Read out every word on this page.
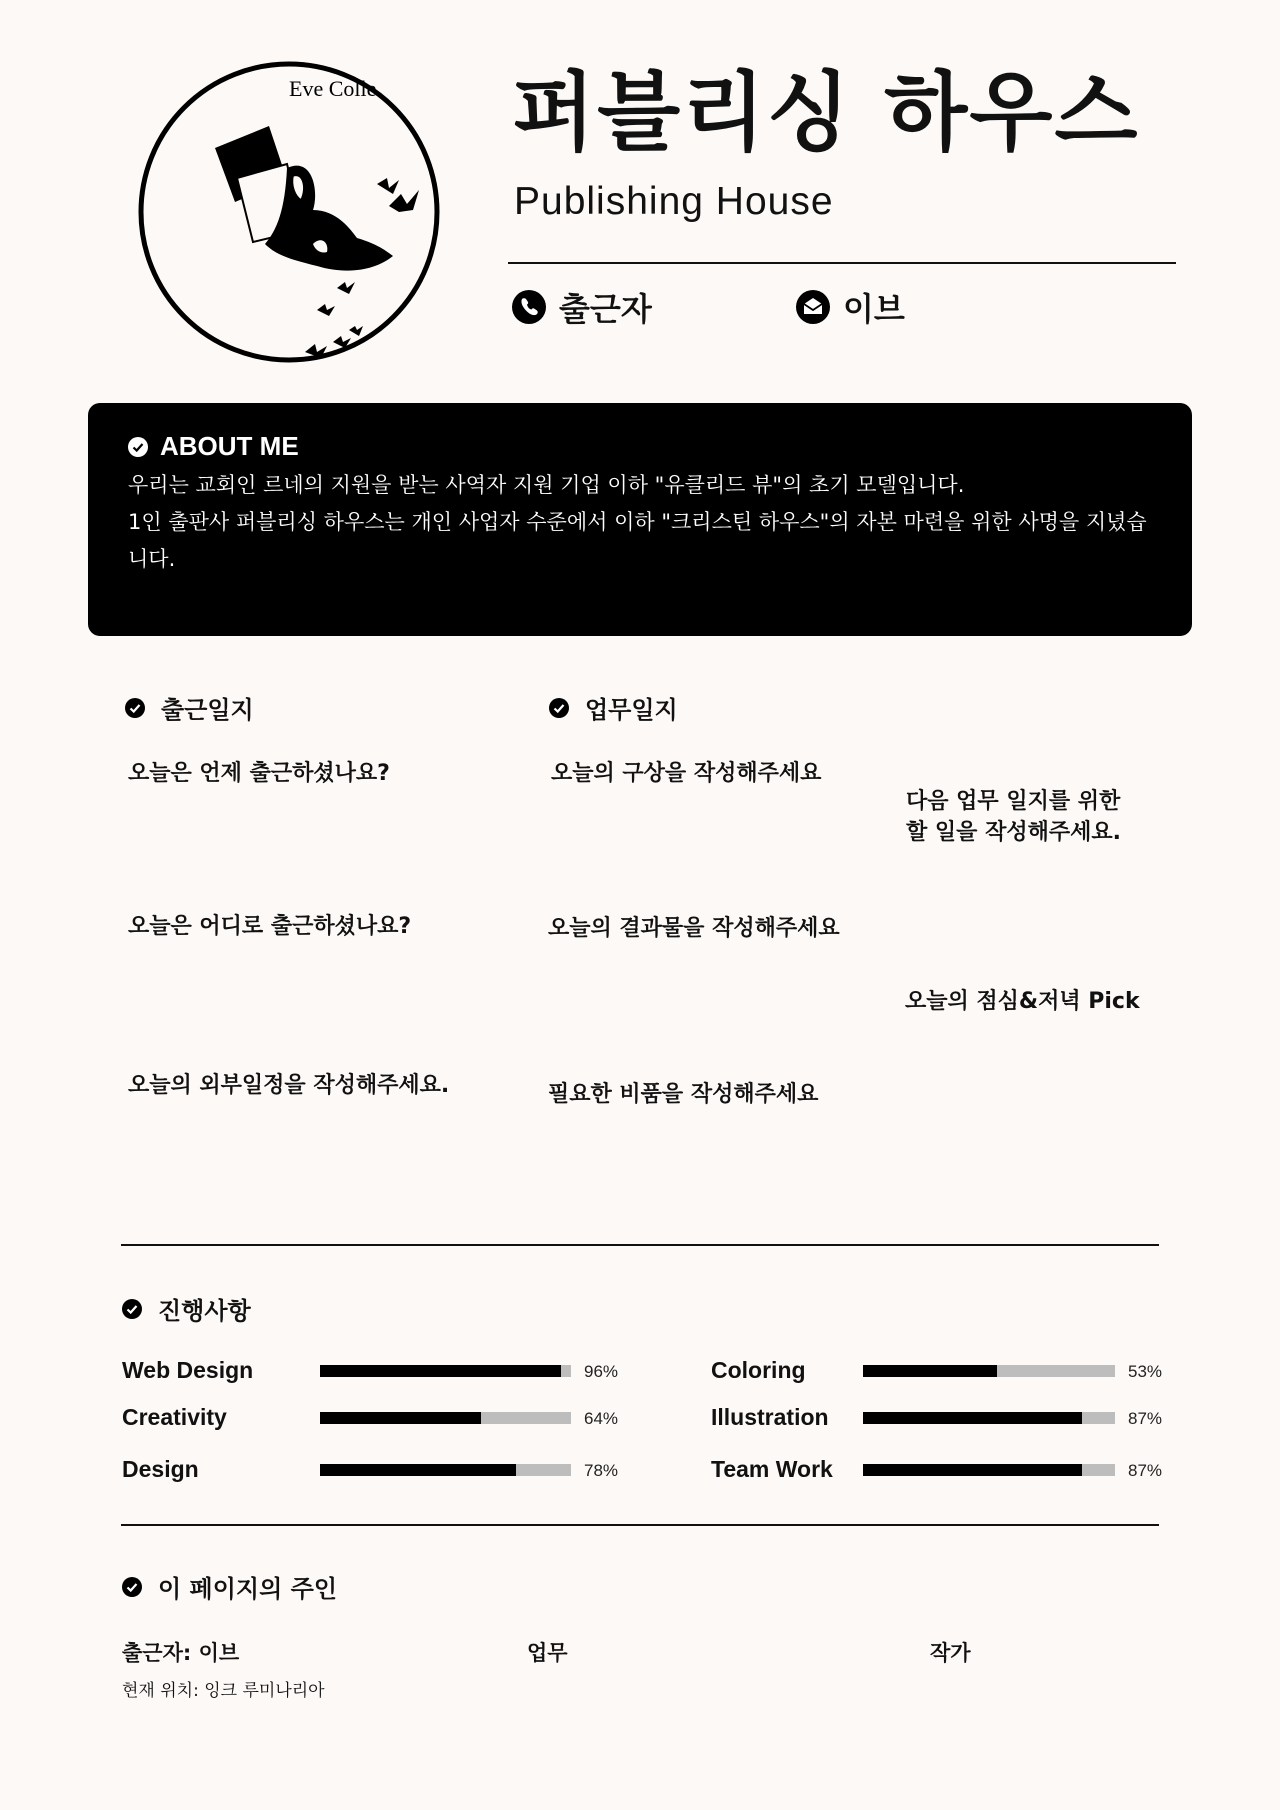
Eve Colle 퍼블리싱 하우스
Publishing House
출근자	이브
ABOUT ME
우리는 교회인 르네의 지원을 받는 사역자 지원 기업 이하 "유클리드 뷰"의 초기 모델입니다.
1인 출판사 퍼블리싱 하우스는 개인 사업자 수준에서 이하 "크리스틴 하우스"의 자본 마련을 위한 사명을 지녔습니다.
출근일지
오늘은 언제 출근하셨나요?
오늘은 어디로 출근하셨나요?
오늘의 외부일정을 작성해주세요.
업무일지
오늘의 구상을 작성해주세요
오늘의 결과물을 작성해주세요
필요한 비품을 작성해주세요
다음 업무 일지를 위한
할 일을 작성해주세요.
오늘의 점심&저녁 Pick
진행사항
Web Design	96%
Creativity	64%
Design	78%
Coloring	53%
Illustration	87%
Team Work	87%
이 페이지의 주인
출근자: 이브	업무	작가
현재 위치: 잉크 루미나리아
